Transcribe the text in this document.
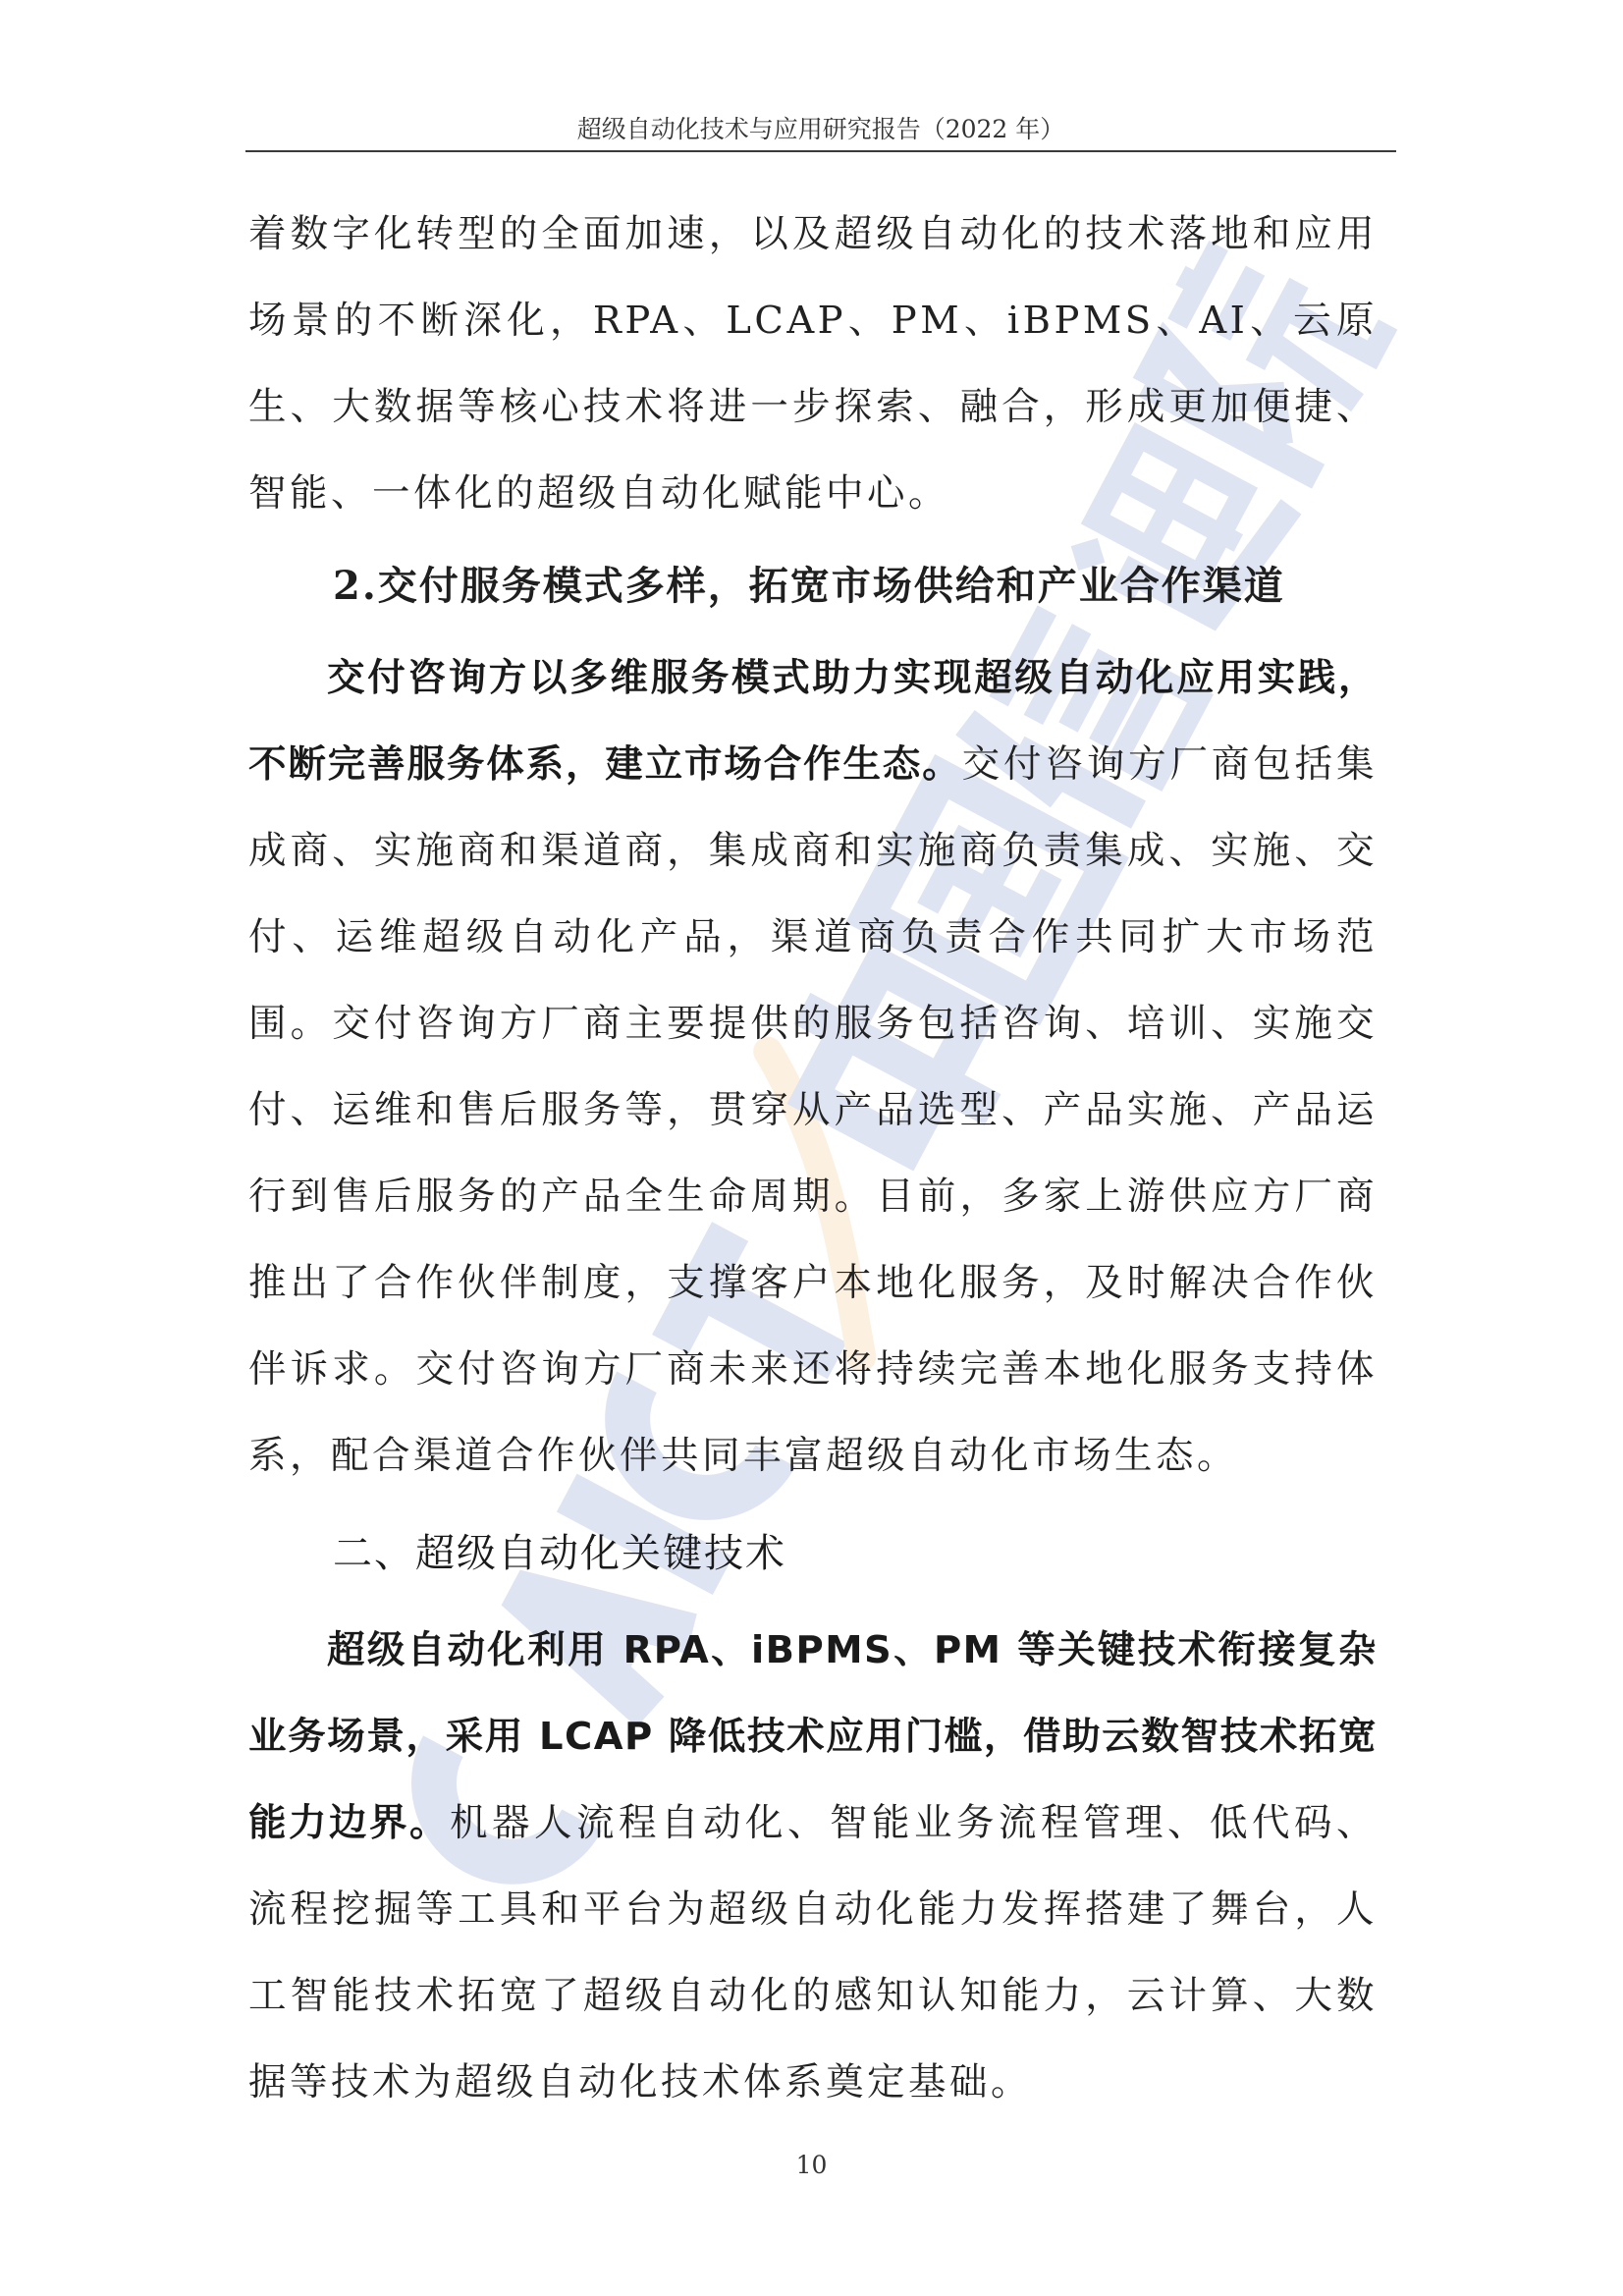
超级自动化技术与应用研究报告（2022 年）

着数字化转型的全面加速，以及超级自动化的技术落地和应用场景的不断深化，RPA、LCAP、PM、iBPMS、AI、云原生、大数据等核心技术将进一步探索、融合，形成更加便捷、智能、一体化的超级自动化赋能中心。

2.交付服务模式多样，拓宽市场供给和产业合作渠道

交付咨询方以多维服务模式助力实现超级自动化应用实践，不断完善服务体系，建立市场合作生态。交付咨询方厂商包括集成商、实施商和渠道商，集成商和实施商负责集成、实施、交付、运维超级自动化产品，渠道商负责合作共同扩大市场范围。交付咨询方厂商主要提供的服务包括咨询、培训、实施交付、运维和售后服务等，贯穿从产品选型、产品实施、产品运行到售后服务的产品全生命周期。目前，多家上游供应方厂商推出了合作伙伴制度，支撑客户本地化服务，及时解决合作伙伴诉求。交付咨询方厂商未来还将持续完善本地化服务支持体系，配合渠道合作伙伴共同丰富超级自动化市场生态。

二、超级自动化关键技术

超级自动化利用 RPA、iBPMS、PM 等关键技术衔接复杂业务场景，采用 LCAP 降低技术应用门槛，借助云数智技术拓宽能力边界。机器人流程自动化、智能业务流程管理、低代码、流程挖掘等工具和平台为超级自动化能力发挥搭建了舞台，人工智能技术拓宽了超级自动化的感知认知能力，云计算、大数据等技术为超级自动化技术体系奠定基础。

10
